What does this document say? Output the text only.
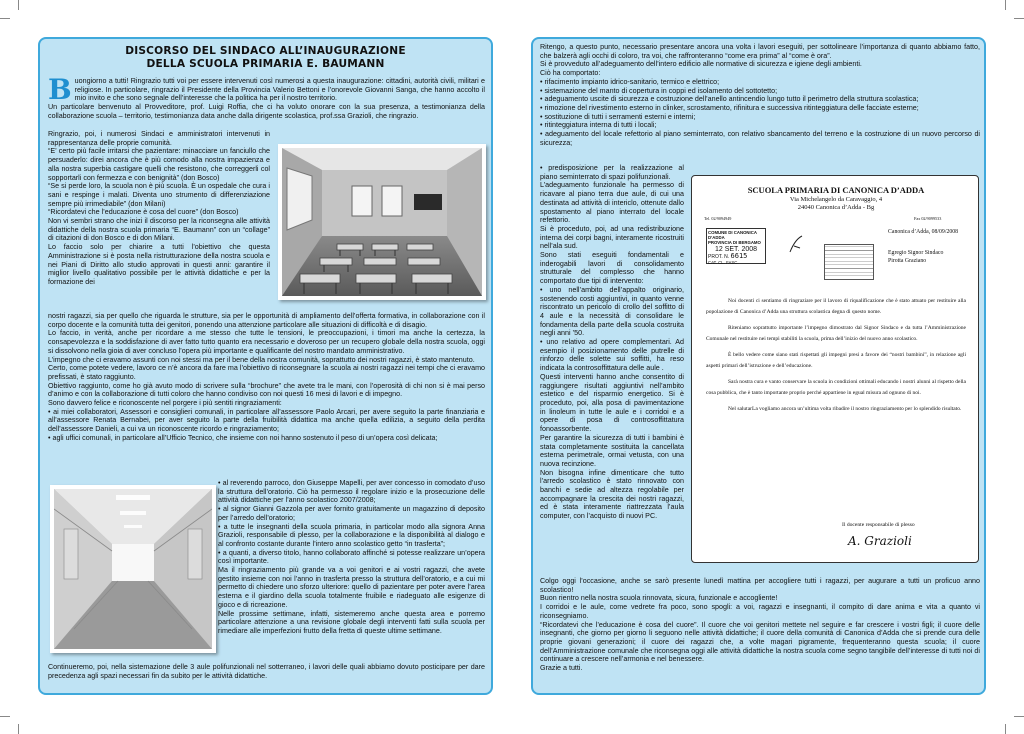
DISCORSO DEL SINDACO ALL’INAUGURAZIONE
DELLA SCUOLA PRIMARIA E. BAUMANN
B uongiorno a tutti! Ringrazio tutti voi per essere intervenuti così numerosi a questa inaugurazione: cittadini, autorità civili, militari e religiose. In particolare, ringrazio il Presidente della Provincia Valerio Bettoni e l’onorevole Giovanni Sanga, che hanno accolto il mio invito e che sono segnale dell’interesse che la politica ha per il nostro territorio.

Un particolare benvenuto al Provveditore, prof. Luigi Roffia, che ci ha voluto onorare con la sua presenza, a testimonianza della collaborazione scuola – territorio, testimonianza data anche dalla dirigente scolastica, prof.ssa Grazioli, che ringrazio.

Ringrazio, poi, i numerosi Sindaci e amministratori intervenuti in rappresentanza delle proprie comunità.

“E’ certo più facile irritarsi che pazientare: minacciare un fanciullo che persuaderlo: direi ancora che è più comodo alla nostra impazienza e alla nostra superbia castigare quelli che resistono, che correggerli col sopportarli con fermezza e con benignità” (don Bosco)

“Se si perde loro, la scuola non è più scuola. È un ospedale che cura i sani e respinge i malati. Diventa uno strumento di differenziazione sempre più irrimediabile” (don Milani)

“Ricordatevi che l’educazione è cosa del cuore” (don Bosco)

Non vi sembri strano che inizi il discorso per la riconsegna alle attività didattiche della nostra scuola primaria “E. Baumann” con un “collage” di citazioni di don Bosco e di don Milani.

Lo faccio solo per chiarire a tutti l’obiettivo che questa Amministrazione si è posta nella ristrutturazione della nostra scuola e nei Piani di Diritto allo studio approvati in questi anni: garantire il miglior livello qualitativo possibile per le attività didattiche e per la formazione dei

nostri ragazzi, sia per quello che riguarda le strutture, sia per le opportunità di ampliamento dell’offerta formativa, in collaborazione con il corpo docente e la comunità tutta dei genitori, ponendo una attenzione particolare alle situazioni di difficoltà e di disagio.

Lo faccio, in verità, anche per ricordare a me stesso che tutte le tensioni, le preoccupazioni, i timori ma anche la certezza, la consapevolezza e la soddisfazione di aver fatto tutto quanto era necessario e doveroso per un recupero globale della nostra scuola, oggi si dissolvono nella gioia di aver concluso l’opera più importante e qualificante del nostro mandato amministrativo.

L’impegno che ci eravamo assunti con noi stessi ma per il bene della nostra comunità, soprattutto dei nostri ragazzi, è stato mantenuto.

Certo, come potete vedere, lavoro ce n’è ancora da fare ma l’obiettivo di riconsegnare la scuola ai nostri ragazzi nei tempi che ci eravamo prefissati, è stato raggiunto.

Obiettivo raggiunto, come ho già avuto modo di scrivere sulla “brochure” che avete tra le mani, con l’operosità di chi non si è mai perso d’animo e con la collaborazione di tutti coloro che hanno condiviso con noi questi 16 mesi di lavori e di impegno.

Sono davvero felice e riconoscente nel porgere i più sentiti ringraziamenti:

• ai miei collaboratori, Assessori e consiglieri comunali, in particolare all’assessore Paolo Arcari, per avere seguito la parte finanziaria e all’assessore Renata Bernabei, per aver seguito la parte della fruibilità didattica ma anche quella edilizia, a seguito della perdita dell’assessore Danieli, a cui va un riconoscente ricordo e ringraziamento;

• agli uffici comunali, in particolare all’Ufficio Tecnico, che insieme con noi hanno sostenuto il peso di un’opera così delicata;

• al reverendo parroco, don Giuseppe Mapelli, per aver concesso in comodato d’uso la struttura dell’oratorio. Ciò ha permesso il regolare inizio e la prosecuzione delle attività didattiche per l’anno scolastico 2007/2008;

• al signor Gianni Gazzola per aver fornito gratuitamente un magazzino di deposito per l’arredo dell’oratorio;

• a tutte le insegnanti della scuola primaria, in particolar modo alla signora Anna Grazioli, responsabile di plesso, per la collaborazione e la disponibilità al dialogo e al confronto costante durante l’intero anno scolastico getto “in trasferta”;

• a quanti, a diverso titolo, hanno collaborato affinché si potesse realizzare un’opera così importante.

Ma il ringraziamento più grande va a voi genitori e ai vostri ragazzi, che avete gestito insieme con noi l’anno in trasferta presso la struttura dell’oratorio, e a cui mi permetto di chiedere uno sforzo ulteriore: quello di pazientare per poter avere l’area esterna e il giardino della scuola totalmente fruibile e riadeguato alle esigenze di gioco e di ricreazione.

Nelle prossime settimane, infatti, sistemeremo anche questa area e porremo particolare attenzione a una revisione globale degli interventi fatti sulla scuola per rimediare alle imperfezioni frutto della fretta di queste ultime settimane.

Continueremo, poi, nella sistemazione delle 3 aule polifunzionali nel sotterraneo, i lavori delle quali abbiamo dovuto posticipare per dare precedenza agli spazi necessari fin da subito per le attività didattiche.

Ritengo, a questo punto, necessario presentare ancora una volta i lavori eseguiti, per sottolineare l’importanza di quanto abbiamo fatto, che balzerà agli occhi di coloro, tra voi, che raffronteranno “come era prima” al “come è ora”.

Si è provveduto all’adeguamento dell’intero edificio alle normative di sicurezza e igiene degli ambienti.

Ciò ha comportato:

• rifacimento impianto idrico-sanitario, termico e elettrico;

• sistemazione del manto di copertura in coppi ed isolamento del sottotetto;

• adeguamento uscite di sicurezza e costruzione dell’anello antincendio lungo tutto il perimetro della struttura scolastica;

• rimozione del rivestimento esterno in clinker, scrostamento, rifinitura e successiva ritinteggiatura delle facciate esterne;

• sostituzione di tutti i serramenti esterni e interni;

• ritinteggiatura interna di tutti i locali;

• adeguamento del locale refettorio al piano seminterrato, con relativo sbancamento del terreno e la costruzione di un nuovo percorso di sicurezza;

• predisposizione per la realizzazione al piano seminterrato di spazi polifunzionali.

L’adeguamento funzionale ha permesso di ricavare al piano terra due aule, di cui una destinata ad attività di intericlo, ottenute dallo spostamento al piano interrato del locale refettorio.

Si è proceduto, poi, ad una redistribuzione interna dei corpi bagni, interamente ricostruiti nell’ala sud.

Sono stati eseguiti fondamentali e inderogabili lavori di consolidamento strutturale del complesso che hanno comportato due tipi di intervento:

• uno nell’ambito dell’appalto originario, sostenendo costi aggiuntivi, in quanto venne riscontrato un pericolo di crollo del soffitto di 4 aule e la necessità di consolidare le fondamenta della parte della scuola costruita negli anni ’50.

• uno relativo ad opere complementari. Ad esempio il posizionamento delle putrelle di rinforzo delle solette sui soffitti, ha reso indicata la controsoffittatura delle aule .

Questi interventi hanno anche consentito di raggiungere risultati aggiuntivi nell’ambito estetico e del risparmio energetico. Si è proceduto, poi, alla posa di pavimentazione in linoleum in tutte le aule e i corridoi e a opere di posa di controsoffittatura fonoassorbente.

Per garantire la sicurezza di tutti i bambini è stata completamente sostituita la cancellata esterna perimetrale, ormai vetusta, con una nuova recinzione.

Non bisogna infine dimenticare che tutto l’arredo scolastico è stato rinnovato con banchi e sedie ad altezza regolabile per accompagnare la crescita dei nostri ragazzi, ed è stata interamente riattrezzata l’aula computer, con l’acquisto di nuovi PC.

SCUOLA PRIMARIA DI CANONICA D’ADDA
Via Michelangelo da Caravaggio, 4
24040 Canonica d’Adda - Bg
Tel. 02/9094949	Fax 02/9099533
COMUNE DI CANONICA D’ADDA
PROVINCIA DI BERGAMO
12 SET. 2008
PROT. N. 6615
CAT. CL. FASC.
Canonica d’Adda, 08/09/2008
Egregio Signor Sindaco
Pirotta Graziano

Noi docenti ci sentiamo di ringraziare per il lavoro di riqualificazione che è stato attuato per restituire alla popolazione di Canonica d’Adda una struttura scolastica degna di questo nome.

Riteniamo soprattutto importante l’impegno dimostrato dal Signor Sindaco e da tutta l’Amministrazione Comunale nel restituire nei tempi stabiliti la scuola, prima dell’inizio del nuovo anno scolastico.

È bello vedere come siano stati rispettati gli impegni presi a favore dei “nostri bambini”, in relazione agli aspetti primari dell’istruzione e dell’educazione.

Sarà nostra cura e vanto conservare la scuola in condizioni ottimali educando i nostri alunni al rispetto della cosa pubblica, che è tanto importante proprio perché appartiene in egual misura ad ognuno di noi.

Nel salutarLa vogliamo ancora un’ultima volta ribadire il nostro ringraziamento per lo splendido risultato.

Il docente responsabile di plesso
A. Grazioli

Colgo oggi l’occasione, anche se sarò presente lunedì mattina per accogliere tutti i ragazzi, per augurare a tutti un proficuo anno scolastico!

Buon rientro nella nostra scuola rinnovata, sicura, funzionale e accogliente!

I corridoi e le aule, come vedrete fra poco, sono spogli: a voi, ragazzi e insegnanti, il compito di dare anima e vita a quanto vi riconsegniamo.

“Ricordatevi che l’educazione è cosa del cuore”. Il cuore che voi genitori mettete nel seguire e far crescere i vostri figli; il cuore delle insegnanti, che giorno per giorno li seguono nelle attività didattiche; il cuore della comunità di Canonica d’Adda che si prende cura delle proprie giovani generazioni; il cuore dei ragazzi che, a volte magari pigramente, frequenteranno questa scuola; il cuore dell’Amministrazione comunale che riconsegna oggi alle attività didattiche la nostra scuola come segno tangibile dell’interesse di tutti noi di continuare a crescere nell’armonia e nel benessere.

Grazie a tutti.
